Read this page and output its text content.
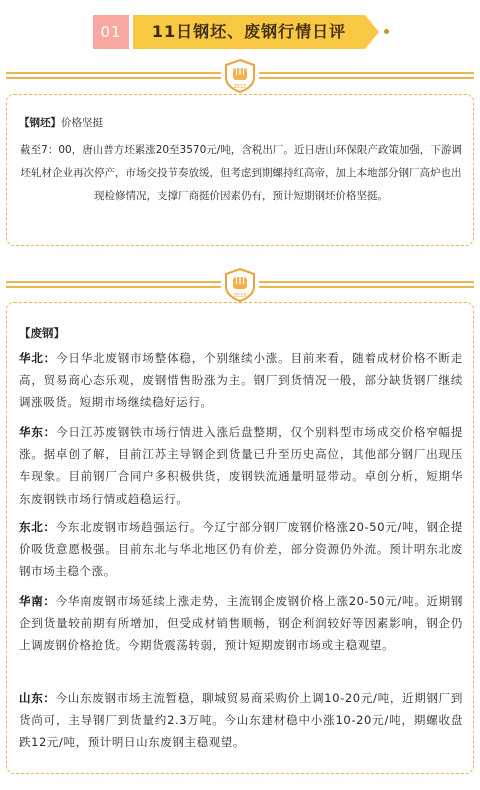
01	11日钢坯、废钢行情日评
3515
【钢坯】价格坚挺
截至7：00，唐山普方坯累涨20至3570元/吨，含税出厂。近日唐山环保限产政策加强，下游调坯轧材企业再次停产，市场交投节奏放缓，但考虑到期螺持红高帝，加上本地部分钢厂高炉也出现检修情况，支撑厂商挺价因素仍有，预计短期钢坯价格坚挺。
3515
【废钢】
华北：今日华北废钢市场整体稳，个别继续小涨。目前来看，随着成材价格不断走高，贸易商心态乐观，废钢惜售盼涨为主。钢厂到货情况一般，部分缺货钢厂继续调涨吸货。短期市场继续稳好运行。
华东：今日江苏废钢铁市场行情进入涨后盘整期，仅个别料型市场成交价格窄幅提涨。据卓创了解，目前江苏主导钢企到货量已升至历史高位，其他部分钢厂出现压车现象。目前钢厂合同户多积极供货，废钢铁流通量明显带动。卓创分析，短期华东废钢铁市场行情或趋稳运行。
东北：今东北废钢市场趋强运行。今辽宁部分钢厂废钢价格涨20-50元/吨，钢企提价吸货意愿极强。目前东北与华北地区仍有价差，部分资源仍外流。预计明东北废钢市场主稳个涨。
华南：今华南废钢市场延续上涨走势，主流钢企废钢价格上涨20-50元/吨。近期钢企到货量较前期有所增加，但受成材销售顺畅，钢企利润较好等因素影响，钢企仍上调废钢价格抢货。今期货震荡转弱，预计短期废钢市场或主稳观望。
山东：今山东废钢市场主流暂稳，聊城贸易商采购价上调10-20元/吨，近期钢厂到货尚可，主导钢厂到货量约2.3万吨。今山东建材稳中小涨10-20元/吨，期螺收盘跌12元/吨，预计明日山东废钢主稳观望。
